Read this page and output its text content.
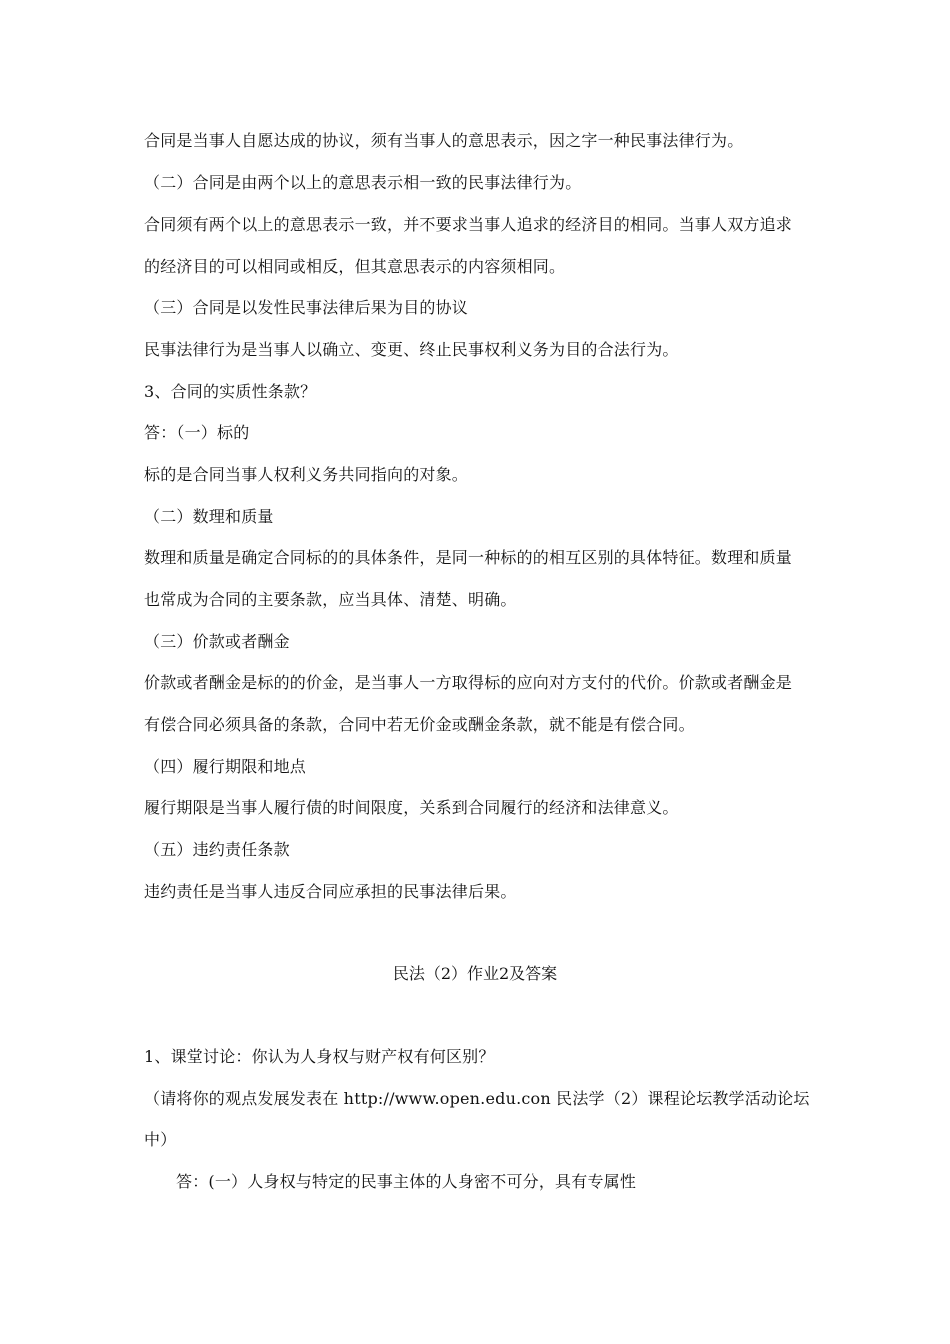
合同是当事人自愿达成的协议，须有当事人的意思表示，因之字一种民事法律行为。
（二）合同是由两个以上的意思表示相一致的民事法律行为。
合同须有两个以上的意思表示一致，并不要求当事人追求的经济目的相同。当事人双方追求
的经济目的可以相同或相反，但其意思表示的内容须相同。
（三）合同是以发性民事法律后果为目的协议
民事法律行为是当事人以确立、变更、终止民事权利义务为目的合法行为。
3、合同的实质性条款？
答：（一）标的
标的是合同当事人权利义务共同指向的对象。
（二）数理和质量
数理和质量是确定合同标的的具体条件，是同一种标的的相互区别的具体特征。数理和质量
也常成为合同的主要条款，应当具体、清楚、明确。
（三）价款或者酬金
价款或者酬金是标的的价金，是当事人一方取得标的应向对方支付的代价。价款或者酬金是
有偿合同必须具备的条款，合同中若无价金或酬金条款，就不能是有偿合同。
（四）履行期限和地点
履行期限是当事人履行债的时间限度，关系到合同履行的经济和法律意义。
（五）违约责任条款
违约责任是当事人违反合同应承担的民事法律后果。
民法（2）作业2及答案
1、课堂讨论：你认为人身权与财产权有何区别？
（请将你的观点发展发表在 http://www.open.edu.con 民法学（2）课程论坛教学活动论坛
中）
答：(一）人身权与特定的民事主体的人身密不可分，具有专属性
